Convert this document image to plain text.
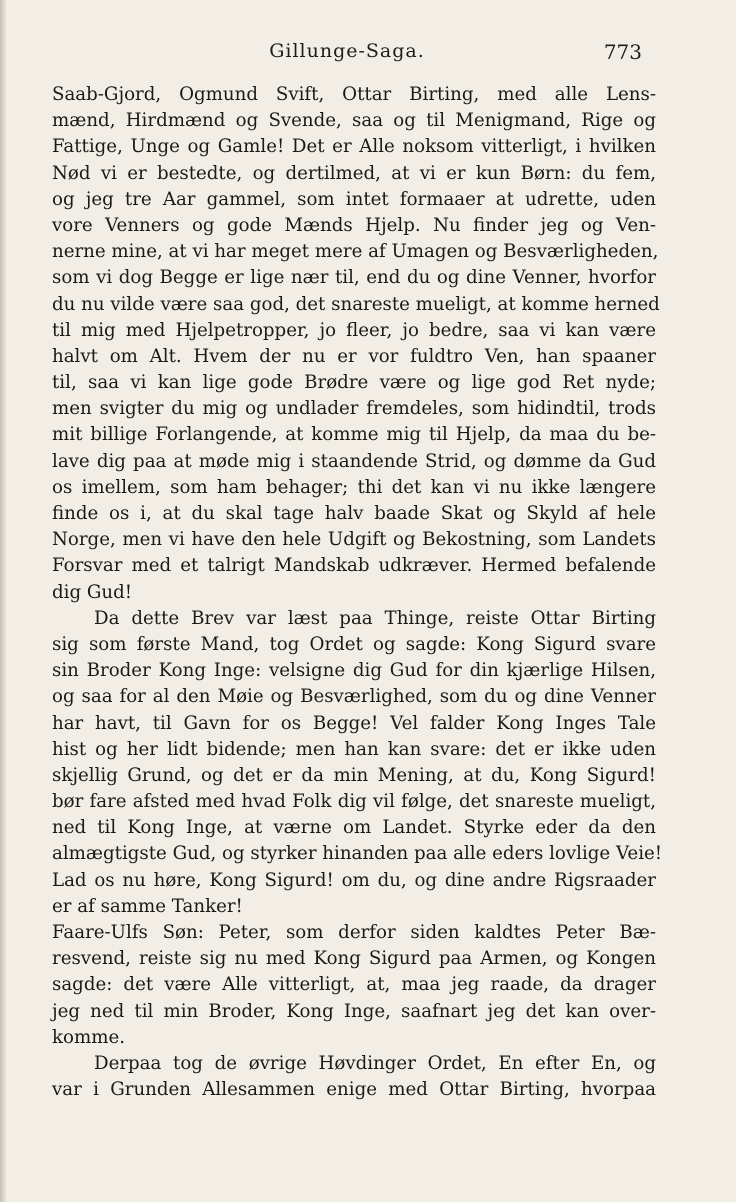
Gillunge-Saga.	773
Saab-Gjord, Ogmund Svift, Ottar Birting, med alle Lens-
mænd, Hirdmænd og Svende, saa og til Menigmand, Rige og
Fattige, Unge og Gamle! Det er Alle noksom vitterligt, i hvilken
Nød vi er bestedte, og dertilmed, at vi er kun Børn: du fem,
og jeg tre Aar gammel, som intet formaaer at udrette, uden
vore Venners og gode Mænds Hjelp. Nu finder jeg og Ven-
nerne mine, at vi har meget mere af Umagen og Besværligheden,
som vi dog Begge er lige nær til, end du og dine Venner, hvorfor
du nu vilde være saa god, det snareste mueligt, at komme herned
til mig med Hjelpetropper, jo fleer, jo bedre, saa vi kan være
halvt om Alt. Hvem der nu er vor fuldtro Ven, han spaaner
til, saa vi kan lige gode Brødre være og lige god Ret nyde;
men svigter du mig og undlader fremdeles, som hidindtil, trods
mit billige Forlangende, at komme mig til Hjelp, da maa du be-
lave dig paa at møde mig i staandende Strid, og dømme da Gud
os imellem, som ham behager; thi det kan vi nu ikke længere
finde os i, at du skal tage halv baade Skat og Skyld af hele
Norge, men vi have den hele Udgift og Bekostning, som Landets
Forsvar med et talrigt Mandskab udkræver. Hermed befalende
dig Gud!
Da dette Brev var læst paa Thinge, reiste Ottar Birting
sig som første Mand, tog Ordet og sagde: Kong Sigurd svare
sin Broder Kong Inge: velsigne dig Gud for din kjærlige Hilsen,
og saa for al den Møie og Besværlighed, som du og dine Venner
har havt, til Gavn for os Begge! Vel falder Kong Inges Tale
hist og her lidt bidende; men han kan svare: det er ikke uden
skjellig Grund, og det er da min Mening, at du, Kong Sigurd!
bør fare afsted med hvad Folk dig vil følge, det snareste mueligt,
ned til Kong Inge, at værne om Landet. Styrke eder da den
almægtigste Gud, og styrker hinanden paa alle eders lovlige Veie!
Lad os nu høre, Kong Sigurd! om du, og dine andre Rigsraader
er af samme Tanker!
Faare-Ulfs Søn: Peter, som derfor siden kaldtes Peter Bæ-
resvend, reiste sig nu med Kong Sigurd paa Armen, og Kongen
sagde: det være Alle vitterligt, at, maa jeg raade, da drager
jeg ned til min Broder, Kong Inge, saafnart jeg det kan over-
komme.
Derpaa tog de øvrige Høvdinger Ordet, En efter En, og
var i Grunden Allesammen enige med Ottar Birting, hvorpaa
